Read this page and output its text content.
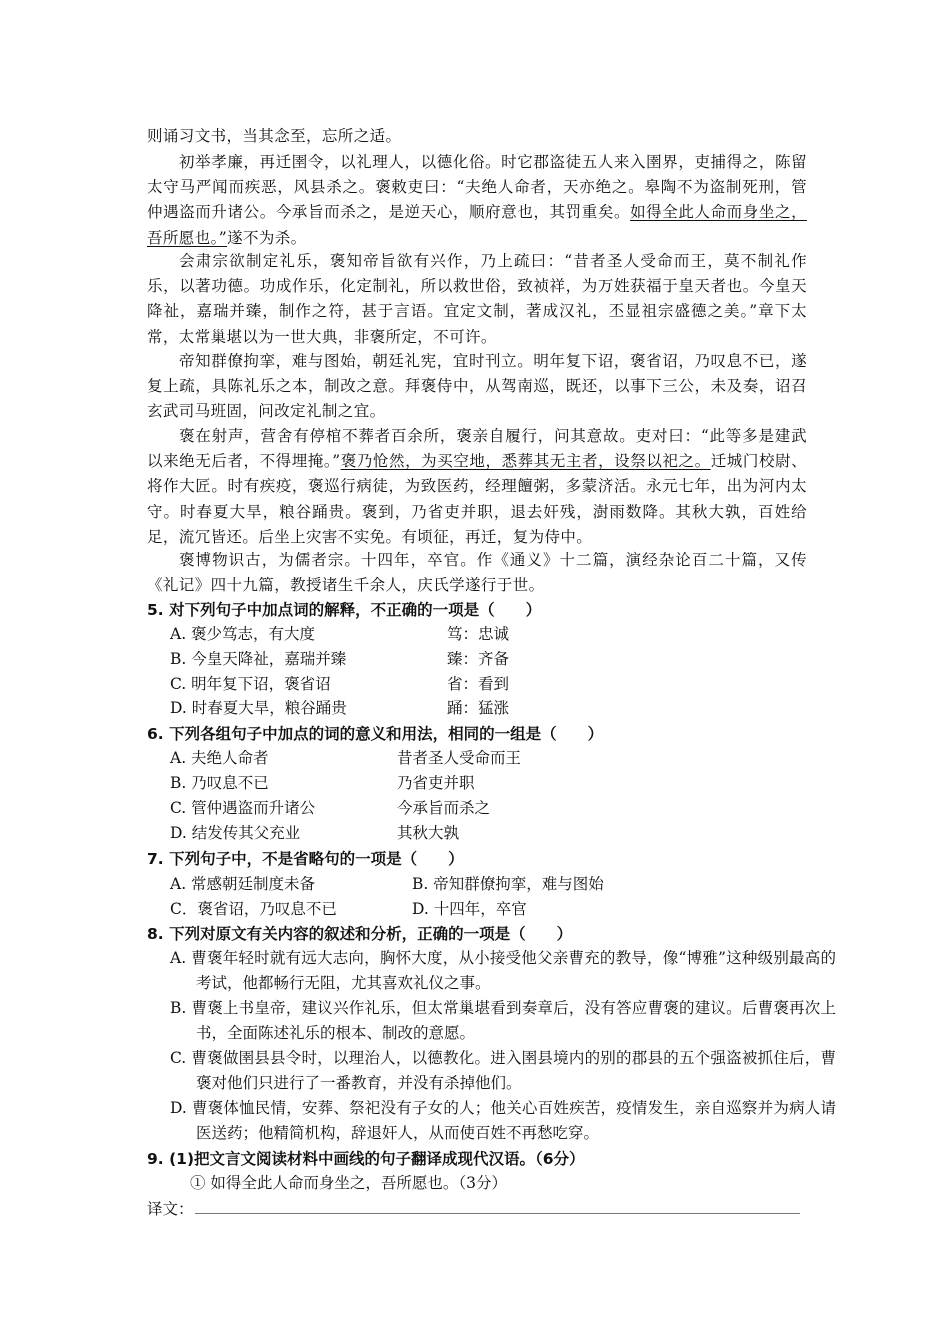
则诵习文书，当其念至，忘所之适。

初举孝廉，再迁圉令，以礼理人，以德化俗。时它郡盗徒五人来入圉界，吏捕得之，陈留太守马严闻而疾恶，风县杀之。褒敕吏曰：“夫绝人命者，天亦绝之。皋陶不为盗制死刑，管仲遇盗而升诸公。今承旨而杀之，是逆天心，顺府意也，其罚重矣。如得全此人命而身坐之，吾所愿也。”遂不为杀。

会肃宗欲制定礼乐，褒知帝旨欲有兴作，乃上疏曰：“昔者圣人受命而王，莫不制礼作乐，以著功德。功成作乐，化定制礼，所以救世俗，致祯祥，为万姓获福于皇天者也。今皇天降祉，嘉瑞并臻，制作之符，甚于言语。宜定文制，著成汉礼，丕显祖宗盛德之美。”章下太常，太常巢堪以为一世大典，非褒所定，不可许。

帝知群僚拘挛，难与图始，朝廷礼宪，宜时刊立。明年复下诏，褒省诏，乃叹息不已，遂复上疏，具陈礼乐之本，制改之意。拜褒侍中，从驾南巡，既还，以事下三公，未及奏，诏召玄武司马班固，问改定礼制之宜。

褒在射声，营舍有停棺不葬者百余所，褒亲自履行，问其意故。吏对曰：“此等多是建武以来绝无后者，不得埋掩。”褒乃怆然，为买空地，悉葬其无主者，设祭以祀之。迁城门校尉、将作大匠。时有疾疫，褒巡行病徒，为致医药，经理饘粥，多蒙济活。永元七年，出为河内太守。时春夏大旱，粮谷踊贵。褒到，乃省吏并职，退去奸残，澍雨数降。其秋大孰，百姓给足，流冗皆还。后坐上灾害不实免。有顷征，再迁，复为侍中。

褒博物识古，为儒者宗。十四年，卒官。作《通义》十二篇，演经杂论百二十篇，又传《礼记》四十九篇，教授诸生千余人，庆氏学遂行于世。

5. 对下列句子中加点词的解释，不正确的一项是（　　）

A. 褒少笃志，有大度	笃：忠诚

B. 今皇天降祉，嘉瑞并臻	臻：齐备

C. 明年复下诏，褒省诏	省：看到

D. 时春夏大旱，粮谷踊贵	踊：猛涨

6. 下列各组句子中加点的词的意义和用法，相同的一组是（　　）

A. 夫绝人命者	昔者圣人受命而王

B. 乃叹息不已	乃省吏并职

C. 管仲遇盗而升诸公	今承旨而杀之

D. 结发传其父充业	其秋大孰

7. 下列句子中，不是省略句的一项是（　　）

A. 常感朝廷制度未备	B. 帝知群僚拘挛，难与图始

C．褒省诏，乃叹息不已	D. 十四年，卒官

8. 下列对原文有关内容的叙述和分析，正确的一项是（　　）

A. 曹褒年轻时就有远大志向，胸怀大度，从小接受他父亲曹充的教导，像“博雅”这种级别最高的考试，他都畅行无阻，尤其喜欢礼仪之事。

B. 曹褒上书皇帝，建议兴作礼乐，但太常巢堪看到奏章后，没有答应曹褒的建议。后曹褒再次上书，全面陈述礼乐的根本、制改的意愿。

C. 曹褒做圉县县令时，以理治人，以德教化。进入圉县境内的别的郡县的五个强盗被抓住后，曹褒对他们只进行了一番教育，并没有杀掉他们。

D. 曹褒体恤民情，安葬、祭祀没有子女的人；他关心百姓疾苦，疫情发生，亲自巡察并为病人请医送药；他精简机构，辞退奸人，从而使百姓不再愁吃穿。

9. (1)把文言文阅读材料中画线的句子翻译成现代汉语。（6分）

① 如得全此人命而身坐之，吾所愿也。（3分）

译文：
